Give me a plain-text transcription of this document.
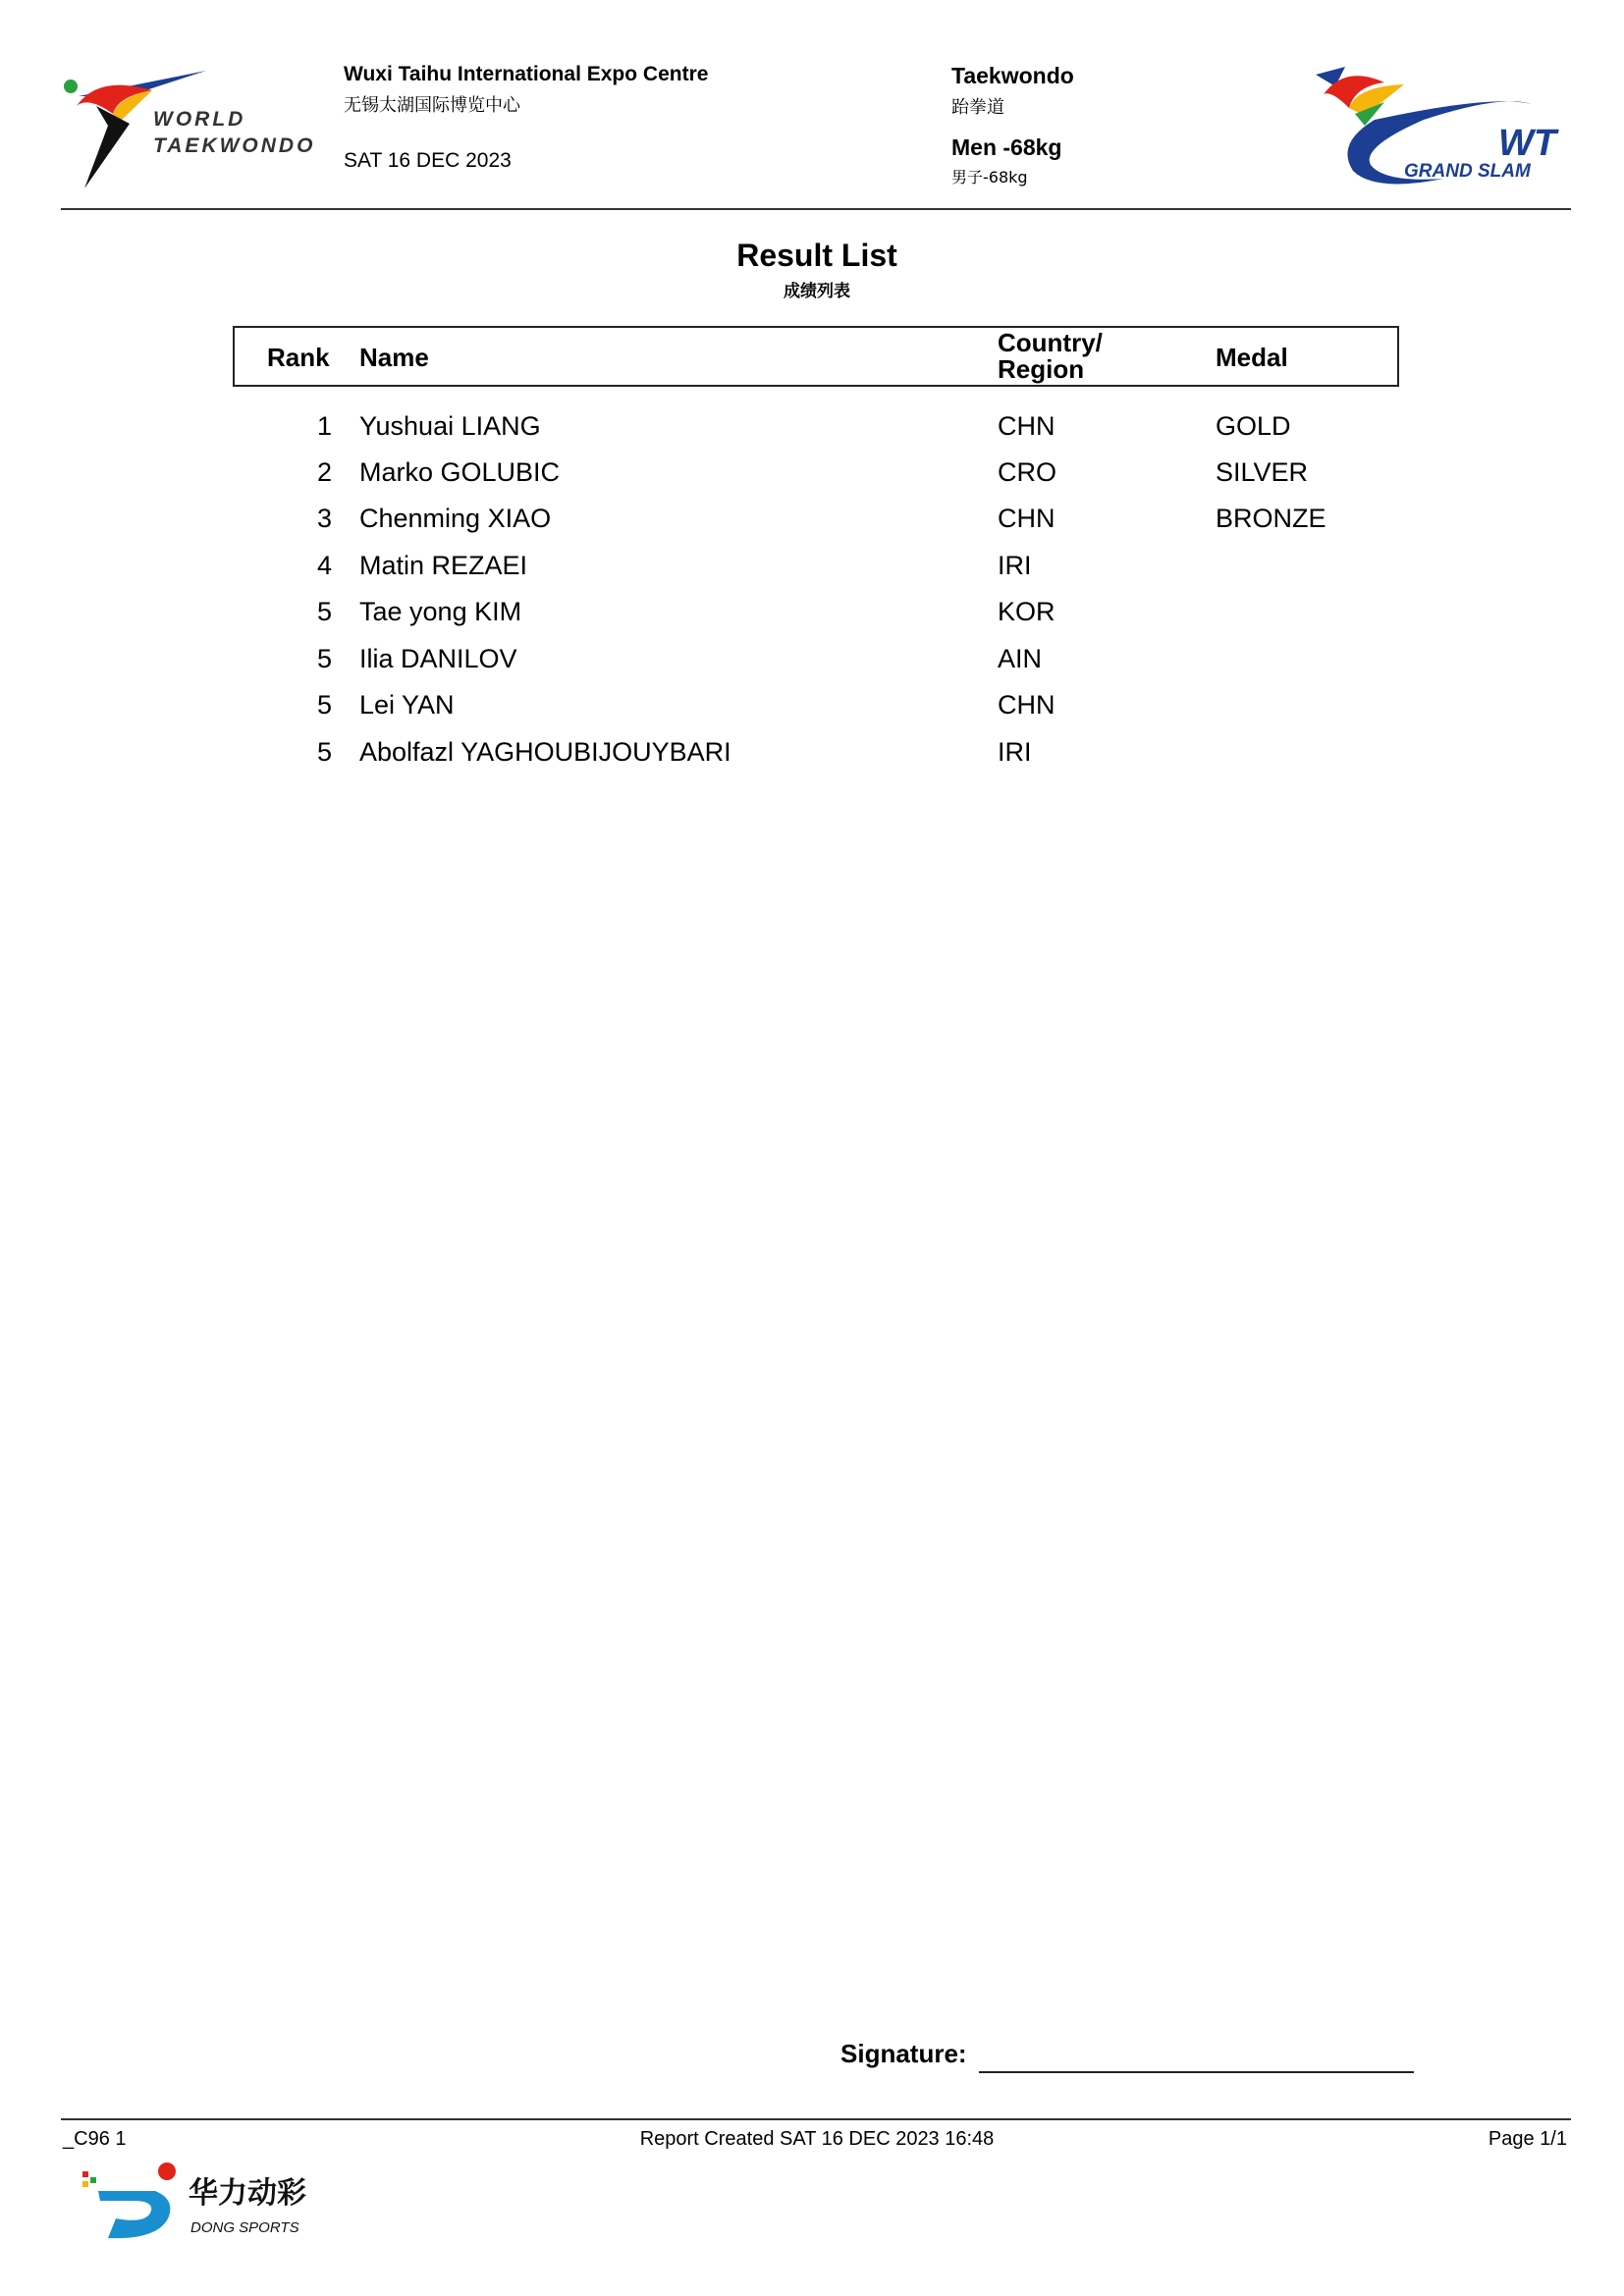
WORLD
TAEKWONDO
Wuxi Taihu International Expo Centre
无锡太湖国际博览中心
SAT 16 DEC 2023
Taekwondo
跆拳道
Men -68kg
男子-68kg
WT
GRAND SLAM
Result List
成绩列表
Rank Name	Country/
Region	Medal
1 Yushuai LIANG	CHN	GOLD
2 Marko GOLUBIC	CRO	SILVER
3 Chenming XIAO	CHN	BRONZE
4 Matin REZAEI	IRI
5 Tae yong KIM	KOR
5 Ilia DANILOV	AIN
5 Lei YAN	CHN
5 Abolfazl YAGHOUBIJOUYBARI	IRI
Signature:
_C96 1	Report Created SAT 16 DEC 2023 16:48	Page 1/1
华力动彩
DONG SPORTS
